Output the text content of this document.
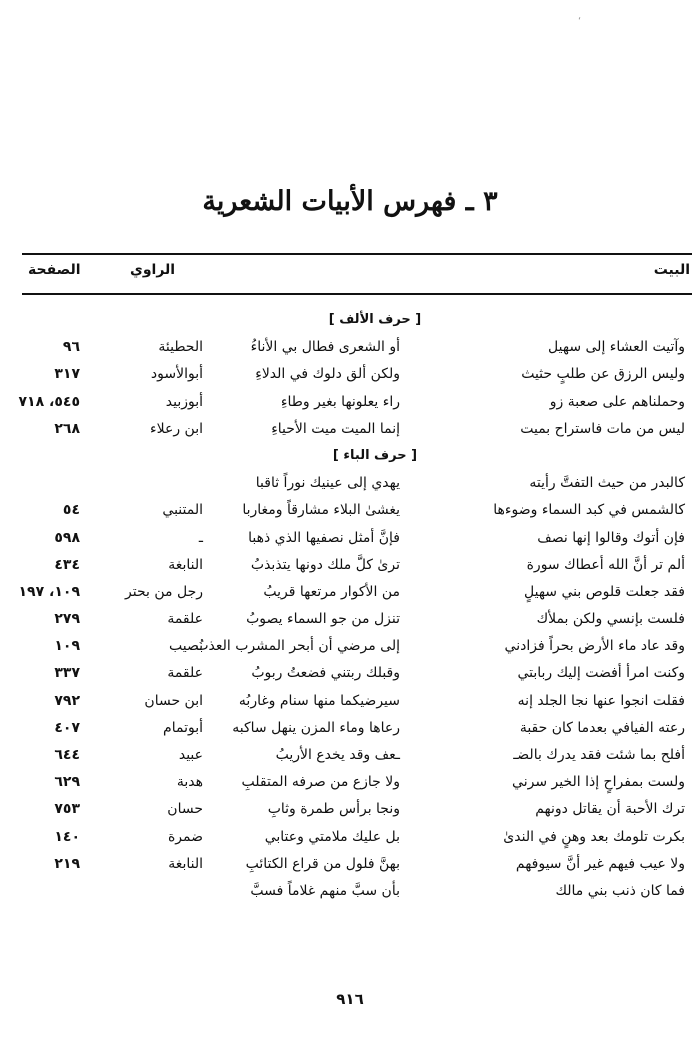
‘
٣ ـ فهرس الأبيات الشعرية
البيت
الراوي
الصفحة
[ حرف الألف ]
وآتيت العشاء إلى سهيل
أو الشعرى فطال بي الأناءُ
الحطيئة
٩٦
وليس الرزق عن طلبٍ حثيث
ولكن ألق دلوك في الدلاءِ
أبوالأسود
٣١٧
وحملناهم على صعبة زو
راء يعلونها بغير وطاءِ
أبوزبيد
٥٤٥، ٧١٨
ليس من مات فاستراح بميت
إنما الميت ميت الأحياءِ
ابن رعلاء
٢٦٨
[ حرف الباء ]
كالبدر من حيث التفتَّ رأيته
يهدي إلى عينيك نوراً ثاقبا
كالشمس في كبد السماء وضوءها
يغشىٰ البلاء مشارقاً ومغاربا
المتنبي
٥٤
فإن أتوك وقالوا إنها نصف
فإنَّ أمثل نصفيها الذي ذهبا
ـ
٥٩٨
ألم تر أنَّ الله أعطاك سورة
ترىٰ كلَّ ملك دونها يتذبذبُ
النابغة
٤٣٤
فقد جعلت قلوص بني سهيلٍ
من الأكوار مرتعها قريبُ
رجل من بحتر
١٠٩، ١٩٧
فلست بإنسي ولكن بملأك
تنزل من جو السماء يصوبُ
علقمة
٢٧٩
وقد عاد ماء الأرض بحراً فزادني
إلى مرضي أن أبحر المشرب العذبُ
نصيب
١٠٩
وكنت امرأ أفضت إليك ربابتي
وقبلك ربتني فضعتُ ربوبُ
علقمة
٣٣٧
فقلت انجوا عنها نجا الجلد إنه
سيرضيكما منها سنام وغاربُه
ابن حسان
٧٩٢
رعته الفيافي بعدما كان حقبة
رعاها وماء المزن ينهل ساكبه
أبوتمام
٤٠٧
أفلح بما شئت فقد يدرك بالضـ
ـعف وقد يخدع الأريبُ
عبيد
٦٤٤
ولست بمفراحٍ إذا الخير سرني
ولا جازع من صرفه المتقلبِ
هدبة
٦٢٩
ترك الأحبة أن يقاتل دونهم
ونجا برأس طمرة وثابِ
حسان
٧٥٣
بكرت تلومك بعد وهنٍ في الندىٰ
بل عليك ملامتي وعتابي
ضمرة
١٤٠
ولا عيب فيهم غير أنَّ سيوفهم
بهنَّ فلول من قراع الكتائبِ
النابغة
٢١٩
فما كان ذنب بني مالك
بأن سبَّ منهم غلاماً فسبَّ
٩١٦
